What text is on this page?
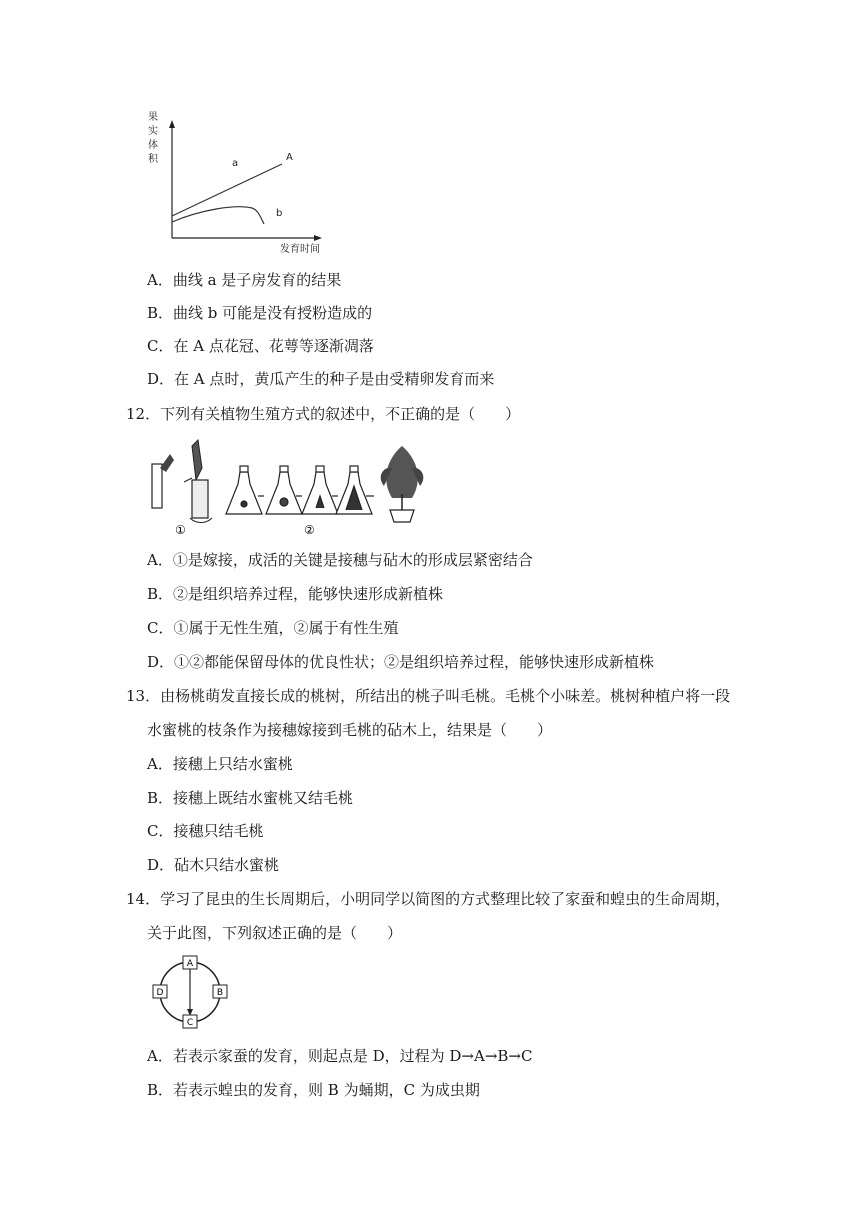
果
实
体
积	a
b
A
发育时间
A．曲线 a 是子房发育的结果
B．曲线 b 可能是没有授粉造成的
C．在 A 点花冠、花萼等逐渐凋落
D．在 A 点时，黄瓜产生的种子是由受精卵发育而来
12．下列有关植物生殖方式的叙述中，不正确的是（　　）
①	②
A．①是嫁接，成活的关键是接穗与砧木的形成层紧密结合
B．②是组织培养过程，能够快速形成新植株
C．①属于无性生殖，②属于有性生殖
D．①②都能保留母体的优良性状；②是组织培养过程，能够快速形成新植株
13．由杨桃萌发直接长成的桃树，所结出的桃子叫毛桃。毛桃个小味差。桃树种植户将一段
水蜜桃的枝条作为接穗嫁接到毛桃的砧木上，结果是（　　）
A．接穗上只结水蜜桃
B．接穗上既结水蜜桃又结毛桃
C．接穗只结毛桃
D．砧木只结水蜜桃
14．学习了昆虫的生长周期后，小明同学以简图的方式整理比较了家蚕和蝗虫的生命周期，
关于此图，下列叙述正确的是（　　）
A
B
C
D
A．若表示家蚕的发育，则起点是 D，过程为 D→A→B→C
B．若表示蝗虫的发育，则 B 为蛹期，C 为成虫期
